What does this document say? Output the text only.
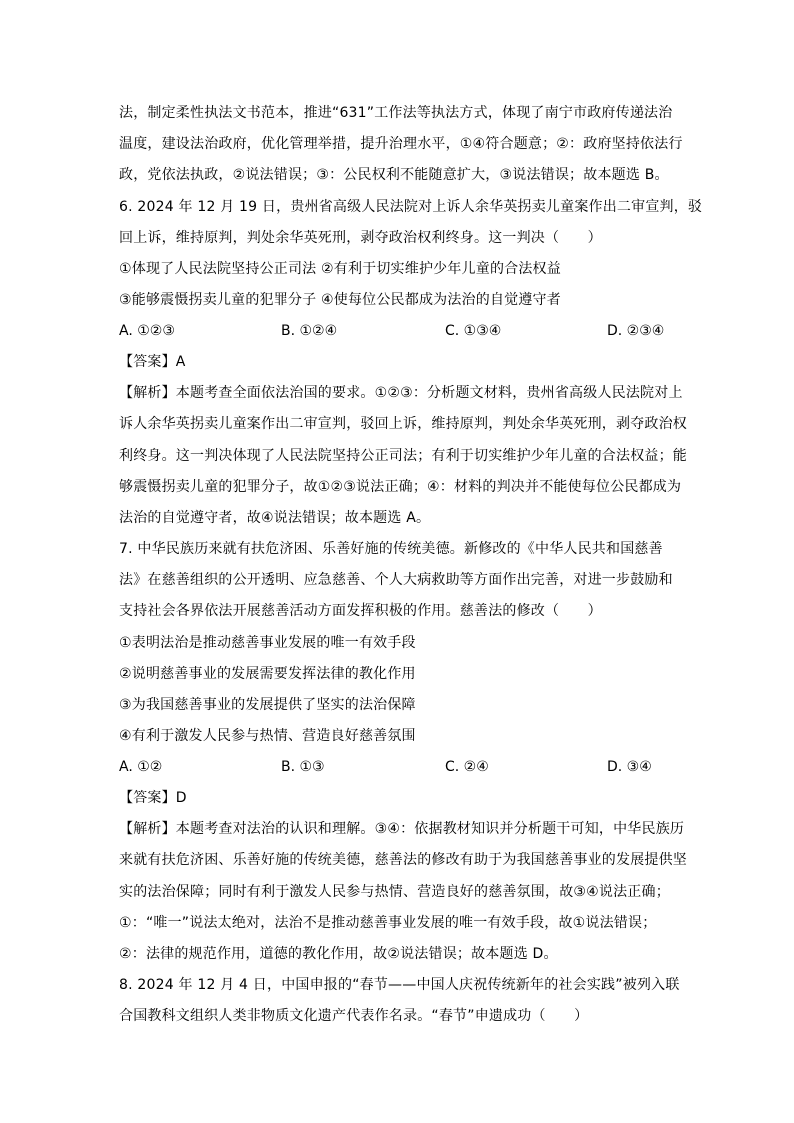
法，制定柔性执法文书范本，推进“631”工作法等执法方式，体现了南宁市政府传递法治
温度，建设法治政府，优化管理举措，提升治理水平，①④符合题意；②：政府坚持依法行
政，党依法执政，②说法错误；③：公民权利不能随意扩大，③说法错误；故本题选 B。
6. 2024 年 12 月 19 日，贵州省高级人民法院对上诉人余华英拐卖儿童案作出二审宣判，驳
回上诉，维持原判，判处余华英死刑，剥夺政治权利终身。这一判决（　　）
①体现了人民法院坚持公正司法 ②有利于切实维护少年儿童的合法权益
③能够震慑拐卖儿童的犯罪分子 ④使每位公民都成为法治的自觉遵守者
A. ①②③	B. ①②④	C. ①③④	D. ②③④
【答案】A
【解析】本题考查全面依法治国的要求。①②③：分析题文材料，贵州省高级人民法院对上
诉人余华英拐卖儿童案作出二审宣判，驳回上诉，维持原判，判处余华英死刑，剥夺政治权
利终身。这一判决体现了人民法院坚持公正司法；有利于切实维护少年儿童的合法权益；能
够震慑拐卖儿童的犯罪分子，故①②③说法正确；④：材料的判决并不能使每位公民都成为
法治的自觉遵守者，故④说法错误；故本题选 A。
7. 中华民族历来就有扶危济困、乐善好施的传统美德。新修改的《中华人民共和国慈善
法》在慈善组织的公开透明、应急慈善、个人大病救助等方面作出完善，对进一步鼓励和
支持社会各界依法开展慈善活动方面发挥积极的作用。慈善法的修改（　　）
①表明法治是推动慈善事业发展的唯一有效手段
②说明慈善事业的发展需要发挥法律的教化作用
③为我国慈善事业的发展提供了坚实的法治保障
④有利于激发人民参与热情、营造良好慈善氛围
A. ①②	B. ①③	C. ②④	D. ③④
【答案】D
【解析】本题考查对法治的认识和理解。③④：依据教材知识并分析题干可知，中华民族历
来就有扶危济困、乐善好施的传统美德，慈善法的修改有助于为我国慈善事业的发展提供坚
实的法治保障；同时有利于激发人民参与热情、营造良好的慈善氛围，故③④说法正确；
①：“唯一”说法太绝对，法治不是推动慈善事业发展的唯一有效手段，故①说法错误；
②：法律的规范作用，道德的教化作用，故②说法错误；故本题选 D。
8. 2024 年 12 月 4 日，中国申报的“春节——中国人庆祝传统新年的社会实践”被列入联
合国教科文组织人类非物质文化遗产代表作名录。“春节”申遗成功（　　）
